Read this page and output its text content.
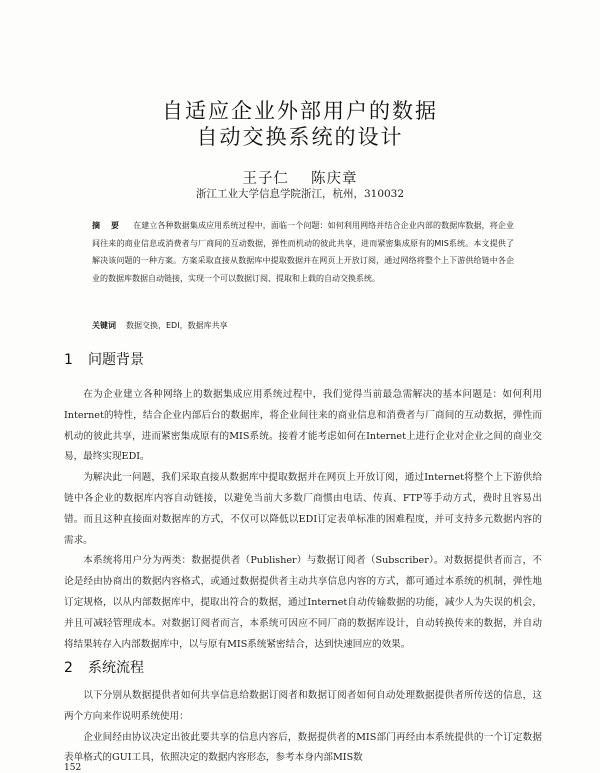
自适应企业外部用户的数据
自动交换系统的设计
王子仁 陈庆章
浙江工业大学信息学院浙江，杭州，310032
摘 要 在建立各种数据集成应用系统过程中，面临一个问题：如何利用网络并结合企业内部的数据库数据，将企业间往来的商业信息或消费者与厂商间的互动数据，弹性而机动的彼此共享，进而紧密集成原有的MIS系统。本文提供了解决该问题的一种方案。方案采取直接从数据库中提取数据并在网页上开放订阅，通过网络将整个上下游供给链中各企业的数据库数据自动链接，实现一个可以数据订阅、提取和上载的自动交换系统。
关键词 数据交换，EDI，数据库共享
1 问题背景

在为企业建立各种网络上的数据集成应用系统过程中，我们觉得当前最急需解决的基本问题是：如何利用Internet的特性，结合企业内部后台的数据库，将企业间往来的商业信息和消费者与厂商间的互动数据，弹性而机动的彼此共享，进而紧密集成原有的MIS系统。接着才能考虑如何在Internet上进行企业对企业之间的商业交易，最终实现EDI。

为解决此一问题，我们采取直接从数据库中提取数据并在网页上开放订阅，通过Internet将整个上下游供给链中各企业的数据库内容自动链接，以避免当前大多数厂商惯由电话、传真、FTP等手动方式，费时且容易出错。而且这种直接面对数据库的方式，不仅可以降低以EDI订定表单标准的困难程度，并可支持多元数据内容的需求。

本系统将用户分为两类：数据提供者（Publisher）与数据订阅者（Subscriber）。对数据提供者而言，不论是经由协商出的数据内容格式，或通过数据提供者主动共享信息内容的方式，都可通过本系统的机制，弹性地订定规格，以从内部数据库中，提取出符合的数据，通过Internet自动传输数据的功能，减少人为失误的机会，并且可减轻管理成本。对数据订阅者而言，本系统可因应不同厂商的数据库设计，自动转换传来的数据，并自动将结果转存入内部数据库中，以与原有MIS系统紧密结合，达到快速回应的效果。

2 系统流程

以下分别从数据提供者如何共享信息给数据订阅者和数据订阅者如何自动处理数据提供者所传送的信息，这两个方向来作说明系统使用：

企业间经由协议决定出彼此要共享的信息内容后，数据提供者的MIS部门再经由本系统提供的一个订定数据表单格式的GUI工具，依照决定的数据内容形态，参考本身内部MIS数

152
